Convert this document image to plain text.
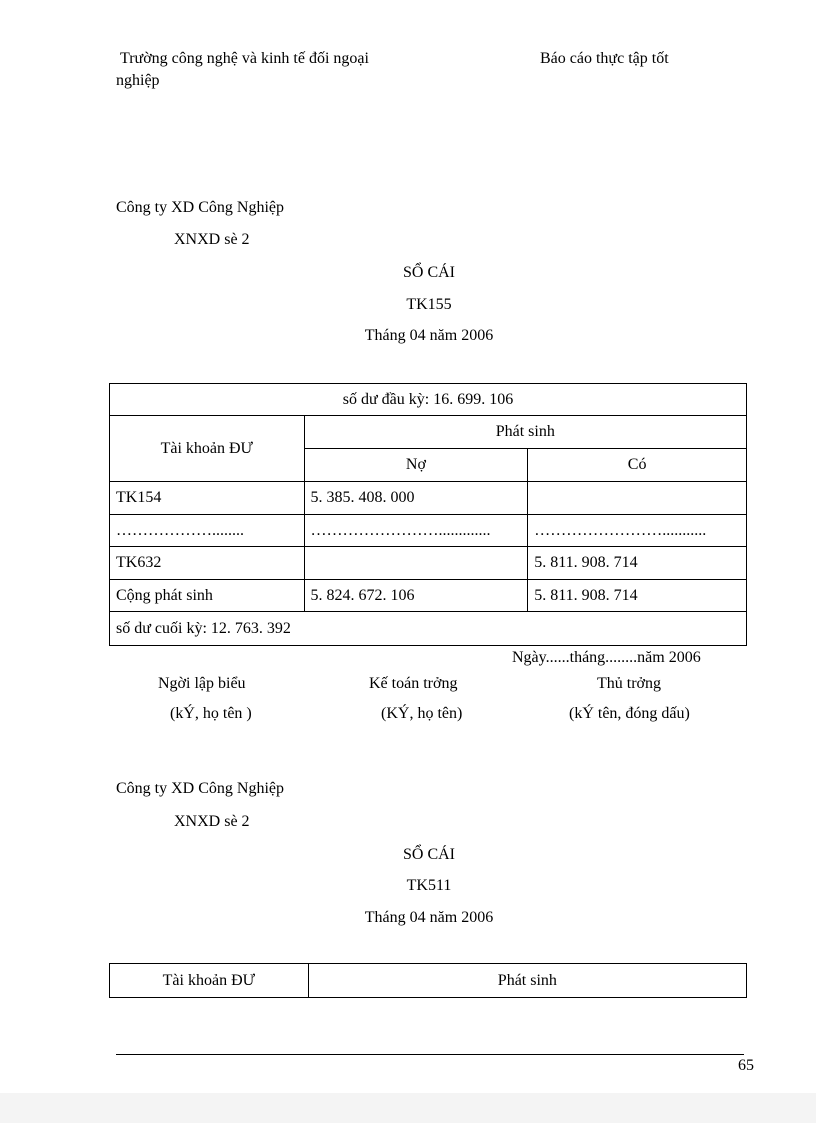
Trường công nghệ và kinh tế đối ngoại
nghiệp
Báo cáo thực tập tốt
Công ty XD Công Nghiệp
XNXD sè 2
SỔ CÁI
TK155
Tháng 04 năm 2006
số dư đầu kỳ: 16. 699. 106		
Tài khoản ĐƯ	Phát sinh	
	Nợ	Có
TK154	5. 385. 408. 000	
………………........	…………………….............	……………………...........
TK632		5. 811. 908. 714
Cộng phát sinh	5. 824. 672. 106	5. 811. 908. 714
số dư cuối kỳ: 12. 763. 392		
Ngày......tháng........năm 2006
Ngời lập biểu
(kÝ, họ tên )
Kế toán trởng
(KÝ, họ tên)
Thủ trởng
(kÝ tên, đóng dấu)
Công ty XD Công Nghiệp
XNXD sè 2
SỔ CÁI
TK511
Tháng 04 năm 2006
Tài khoản ĐƯ	Phát sinh
65
